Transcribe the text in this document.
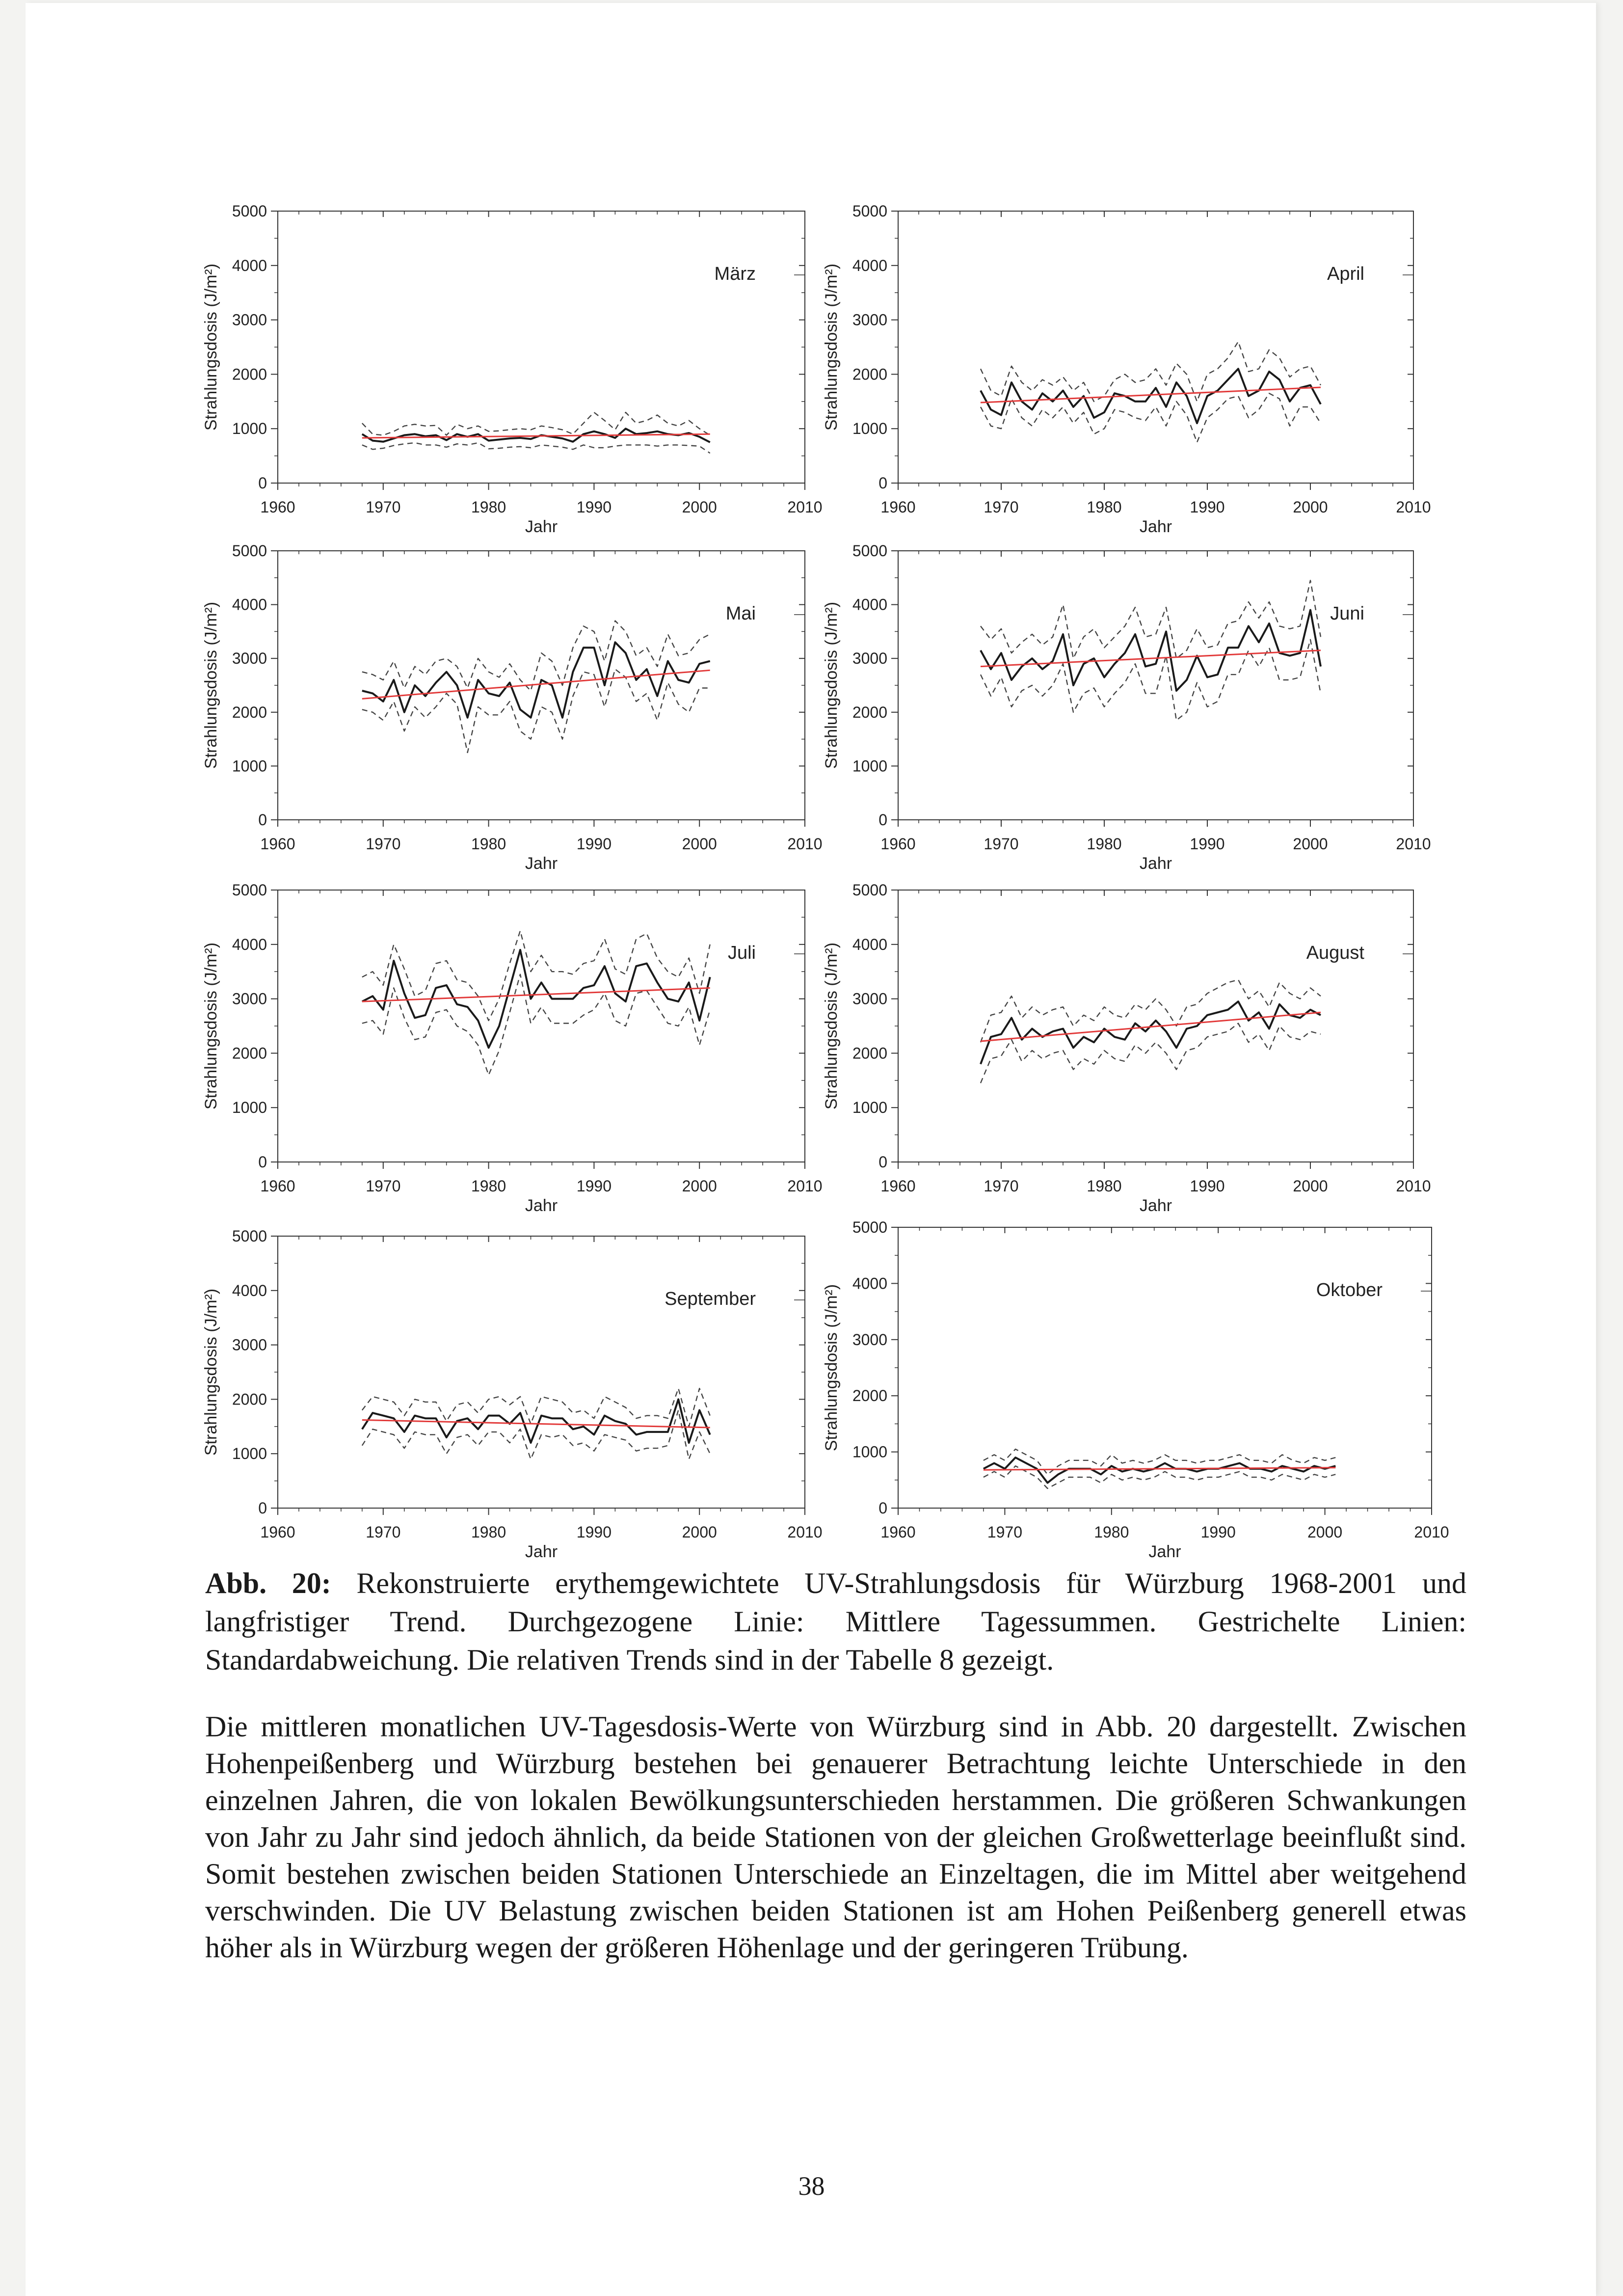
1960	1970	1980	1990	2000	2010
0
1000
2000
3000
4000
5000
Jahr
Strahlungsdosis (J/m²)	März
1960	1970	1980	1990	2000	2010
0
1000
2000
3000
4000
5000
Jahr
Strahlungsdosis (J/m²)	April
1960	1970	1980	1990	2000	2010
0
1000
2000
3000
4000
5000
Jahr
Strahlungsdosis (J/m²)	Mai
1960	1970	1980	1990	2000	2010
0
1000
2000
3000
4000
5000
Jahr
Strahlungsdosis (J/m²)	Juni
1960	1970	1980	1990	2000	2010
0
1000
2000
3000
4000
5000
Jahr
Strahlungsdosis (J/m²)	Juli
1960	1970	1980	1990	2000	2010
0
1000
2000
3000
4000
5000
Jahr
Strahlungsdosis (J/m²)	August
1960	1970	1980	1990	2000	2010
0
1000
2000
3000
4000
5000
Jahr
Strahlungsdosis (J/m²)	September
1960	1970	1980	1990	2000	2010
0
1000
2000
3000
4000
5000
Jahr
Strahlungsdosis (J/m²)	Oktober
Abb. 20: Rekonstruierte erythemgewichtete UV-Strahlungsdosis für Würzburg 1968-2001 und langfristiger Trend. Durchgezogene Linie: Mittlere Tagessummen. Gestrichelte Linien: Standardabweichung. Die relativen Trends sind in der Tabelle 8 gezeigt.
Die mittleren monatlichen UV-Tagesdosis-Werte von Würzburg sind in Abb. 20 dargestellt. Zwischen Hohenpeißenberg und Würzburg bestehen bei genauerer Betrachtung leichte Unterschiede in den einzelnen Jahren, die von lokalen Bewölkungsunterschieden herstammen. Die größeren Schwankungen von Jahr zu Jahr sind jedoch ähnlich, da beide Stationen von der gleichen Großwetterlage beeinflußt sind. Somit bestehen zwischen beiden Stationen Unterschiede an Einzeltagen, die im Mittel aber weitgehend verschwinden. Die UV Belastung zwischen beiden Stationen ist am Hohen Peißenberg generell etwas höher als in Würzburg wegen der größeren Höhenlage und der geringeren Trübung.
38
